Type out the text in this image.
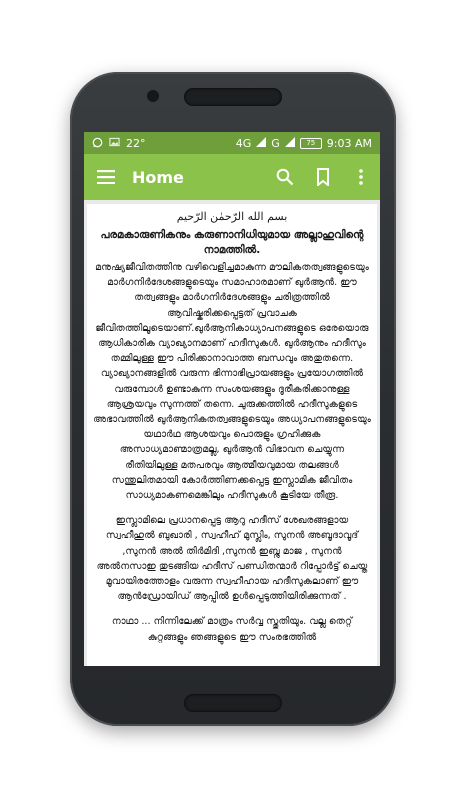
22°	4G G	75	9:03 AM
Home
بسم الله الرّحمٰن الرّحيم
പരമകാരുണികനും കരുണാനിധിയുമായ അല്ലാഹുവിന്റെ നാമത്തിൽ.
മനുഷ്യജീവിതത്തിനു വഴിവെളിച്ചമാകുന്ന മൗലികതത്വങ്ങളുടെയും മാർഗനിർദേശങ്ങളുടെയും സമാഹാരമാണ് ഖുർആൻ. ഈ തത്വങ്ങളും മാർഗനിർദേശങ്ങളും ചരിത്രത്തിൽ ആവിഷ്കരിക്കപ്പെട്ടത് പ്രവാചക ജീവിതത്തിലൂടെയാണ്.ഖുർആനികാധ്യാപനങ്ങളുടെ ഒരേയൊരു ആധികാരിക വ്യാഖ്യാനമാണ് ഹദീസുകൾ. ഖുർആനും ഹദീസും തമ്മിലുള്ള ഈ പിരിക്കാനാവാത്ത ബന്ധവും അതുതന്നെ. വ്യാഖ്യാനങ്ങളിൽ വരുന്ന ഭിന്നാഭിപ്രായങ്ങളും പ്രയോഗത്തിൽ വരുമ്പോൾ ഉണ്ടാകുന്ന സംശയങ്ങളും ദൂരീകരിക്കാനുള്ള ആശ്രയവും സുന്നത്ത് തന്നെ. ചുരുക്കത്തിൽ ഹദീസുകളുടെ അഭാവത്തിൽ ഖുർആനികതത്വങ്ങളുടെയും അധ്യാപനങ്ങളുടെയും യഥാർഥ ആശയവും പൊരുളും ഗ്രഹിക്കുക അസാധ്യമാണ്മാത്രമല്ല, ഖുർആൻ വിഭാവന ചെയ്യുന്ന രീതിയിലുള്ള മതപരവും ആത്മീയവുമായ തലങ്ങൾ സന്തുലിതമായി കോർത്തിണക്കപ്പെട്ട ഇസ്ലാമിക ജീവിതം സാധ്യമാകണമെങ്കിലും ഹദീസുകൾ കൂടിയേ തീരൂ.
ഇസ്ലാമിലെ പ്രധാനപ്പെട്ട ആറു ഹദീസ് ശേഖരങ്ങളായ സ്വഹീഹുൽ ബുഖാരി , സ്വഹീഹ് മുസ്ലിം, സുനൻ അബൂദാവൂദ് ,സുനൻ അൽ തിർമിദി ,സുനൻ ഇബ്നു മാജ , സുനൻ അൽനസാഇ തുടങ്ങിയ ഹദീസ് പണ്ഡിതന്മാർ റിപ്പോർട്ട് ചെയ്ത മൂവായിരത്തോളം വരുന്ന സ്വഹീഹായ ഹദീസുകലാണ് ഈ ആൻഡ്രോയിഡ് ആപ്പിൽ ഉൾപ്പെടുത്തിയിരിക്കുന്നത് .
നാഥാ ... നിന്നിലേക്ക് മാത്രം സർവ്വ സ്തുതിയും. വല്ല തെറ്റ് കുറ്റങ്ങളും ഞങ്ങളുടെ ഈ സംരഭത്തിൽ
